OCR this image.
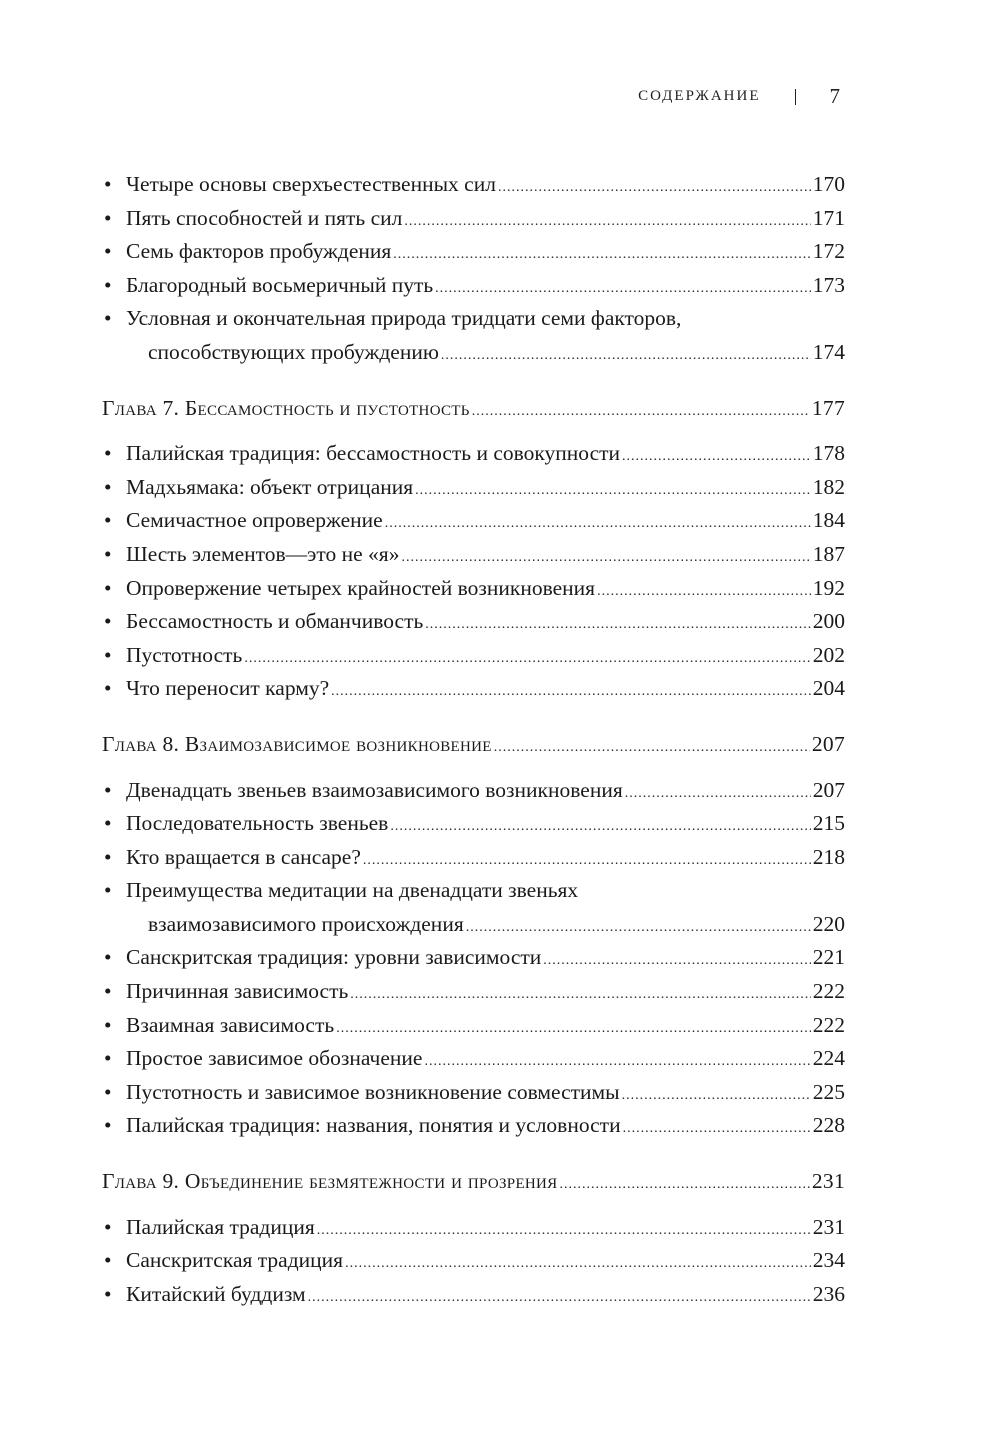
СОДЕРЖАНИЕ	7
• Четыре основы сверхъестественных сил .....	170
• Пять способностей и пять сил .....	171
• Семь факторов пробуждения .....	172
• Благородный восьмеричный путь .....	173
• Условная и окончательная природа тридцати семи факторов,
способствующих пробуждению .....	174
Глава 7. Бессамостность и пустотность .....	177
• Палийская традиция: бессамостность и совокупности .....	178
• Мадхьямака: объект отрицания .....	182
• Семичастное опровержение .....	184
• Шесть элементов—это не «я» .....	187
• Опровержение четырех крайностей возникновения .....	192
• Бессамостность и обманчивость .....	200
• Пустотность .....	202
• Что переносит карму? .....	204
Глава 8. Взаимозависимое возникновение .....	207
• Двенадцать звеньев взаимозависимого возникновения .....	207
• Последовательность звеньев .....	215
• Кто вращается в сансаре? .....	218
• Преимущества медитации на двенадцати звеньях
взаимозависимого происхождения .....	220
• Санскритская традиция: уровни зависимости .....	221
• Причинная зависимость .....	222
• Взаимная зависимость .....	222
• Простое зависимое обозначение .....	224
• Пустотность и зависимое возникновение совместимы .....	225
• Палийская традиция: названия, понятия и условности .....	228
Глава 9. Объединение безмятежности и прозрения .....	231
• Палийская традиция .....	231
• Санскритская традиция .....	234
• Китайский буддизм .....	236
